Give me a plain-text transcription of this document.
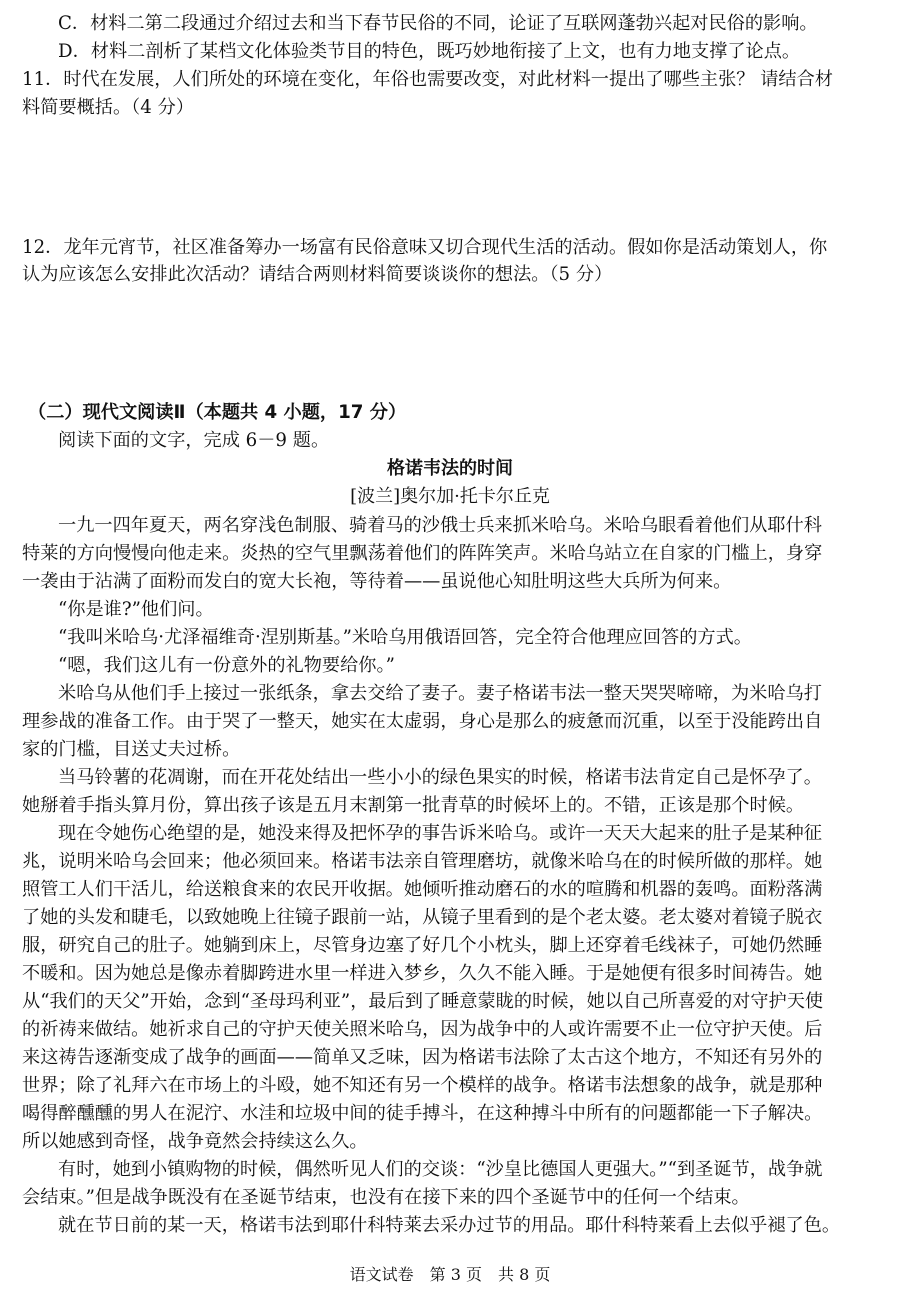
C．材料二第二段通过介绍过去和当下春节民俗的不同，论证了互联网蓬勃兴起对民俗的影响。
D．材料二剖析了某档文化体验类节目的特色，既巧妙地衔接了上文，也有力地支撑了论点。
11．时代在发展，人们所处的环境在变化，年俗也需要改变，对此材料一提出了哪些主张？ 请结合材
料简要概括。（4 分）
12．龙年元宵节，社区准备筹办一场富有民俗意味又切合现代生活的活动。假如你是活动策划人，你
认为应该怎么安排此次活动？请结合两则材料简要谈谈你的想法。（5 分）
（二）现代文阅读Ⅱ（本题共 4 小题，17 分）
阅读下面的文字，完成 6－9 题。
格诺韦法的时间
[波兰]奥尔加·托卡尔丘克
一九一四年夏天，两名穿浅色制服、骑着马的沙俄士兵来抓米哈乌。米哈乌眼看着他们从耶什科
特莱的方向慢慢向他走来。炎热的空气里飘荡着他们的阵阵笑声。米哈乌站立在自家的门槛上，身穿
一袭由于沾满了面粉而发白的宽大长袍，等待着——虽说他心知肚明这些大兵所为何来。
“你是谁?”他们问。
“我叫米哈乌·尤泽福维奇·涅别斯基。”米哈乌用俄语回答，完全符合他理应回答的方式。
“嗯，我们这儿有一份意外的礼物要给你。”
米哈乌从他们手上接过一张纸条，拿去交给了妻子。妻子格诺韦法一整天哭哭啼啼，为米哈乌打
理参战的准备工作。由于哭了一整天，她实在太虚弱，身心是那么的疲惫而沉重，以至于没能跨出自
家的门槛，目送丈夫过桥。
当马铃薯的花凋谢，而在开花处结出一些小小的绿色果实的时候，格诺韦法肯定自己是怀孕了。
她掰着手指头算月份，算出孩子该是五月末割第一批青草的时候坏上的。不错，正该是那个时候。
现在令她伤心绝望的是，她没来得及把怀孕的事告诉米哈乌。或许一天天大起来的肚子是某种征
兆，说明米哈乌会回来；他必须回来。格诺韦法亲自管理磨坊，就像米哈乌在的时候所做的那样。她
照管工人们干活儿，给送粮食来的农民开收据。她倾听推动磨石的水的喧腾和机器的轰鸣。面粉落满
了她的头发和睫毛，以致她晚上往镜子跟前一站，从镜子里看到的是个老太婆。老太婆对着镜子脱衣
服，研究自己的肚子。她躺到床上，尽管身边塞了好几个小枕头，脚上还穿着毛线袜子，可她仍然睡
不暖和。因为她总是像赤着脚跨进水里一样进入梦乡，久久不能入睡。于是她便有很多时间祷告。她
从“我们的天父”开始，念到“圣母玛利亚”，最后到了睡意蒙眬的时候，她以自己所喜爱的对守护天使
的祈祷来做结。她祈求自己的守护天使关照米哈乌，因为战争中的人或许需要不止一位守护天使。后
来这祷告逐渐变成了战争的画面——简单又乏味，因为格诺韦法除了太古这个地方，不知还有另外的
世界；除了礼拜六在市场上的斗殴，她不知还有另一个模样的战争。格诺韦法想象的战争，就是那种
喝得醉醺醺的男人在泥泞、水洼和垃圾中间的徒手搏斗，在这种搏斗中所有的问题都能一下子解决。
所以她感到奇怪，战争竟然会持续这么久。
有时，她到小镇购物的时候，偶然听见人们的交谈：“沙皇比德国人更强大。”“到圣诞节，战争就
会结束。”但是战争既没有在圣诞节结束，也没有在接下来的四个圣诞节中的任何一个结束。
就在节日前的某一天，格诺韦法到耶什科特莱去采办过节的用品。耶什科特莱看上去似乎褪了色。
语文试卷　第 3 页　共 8 页
